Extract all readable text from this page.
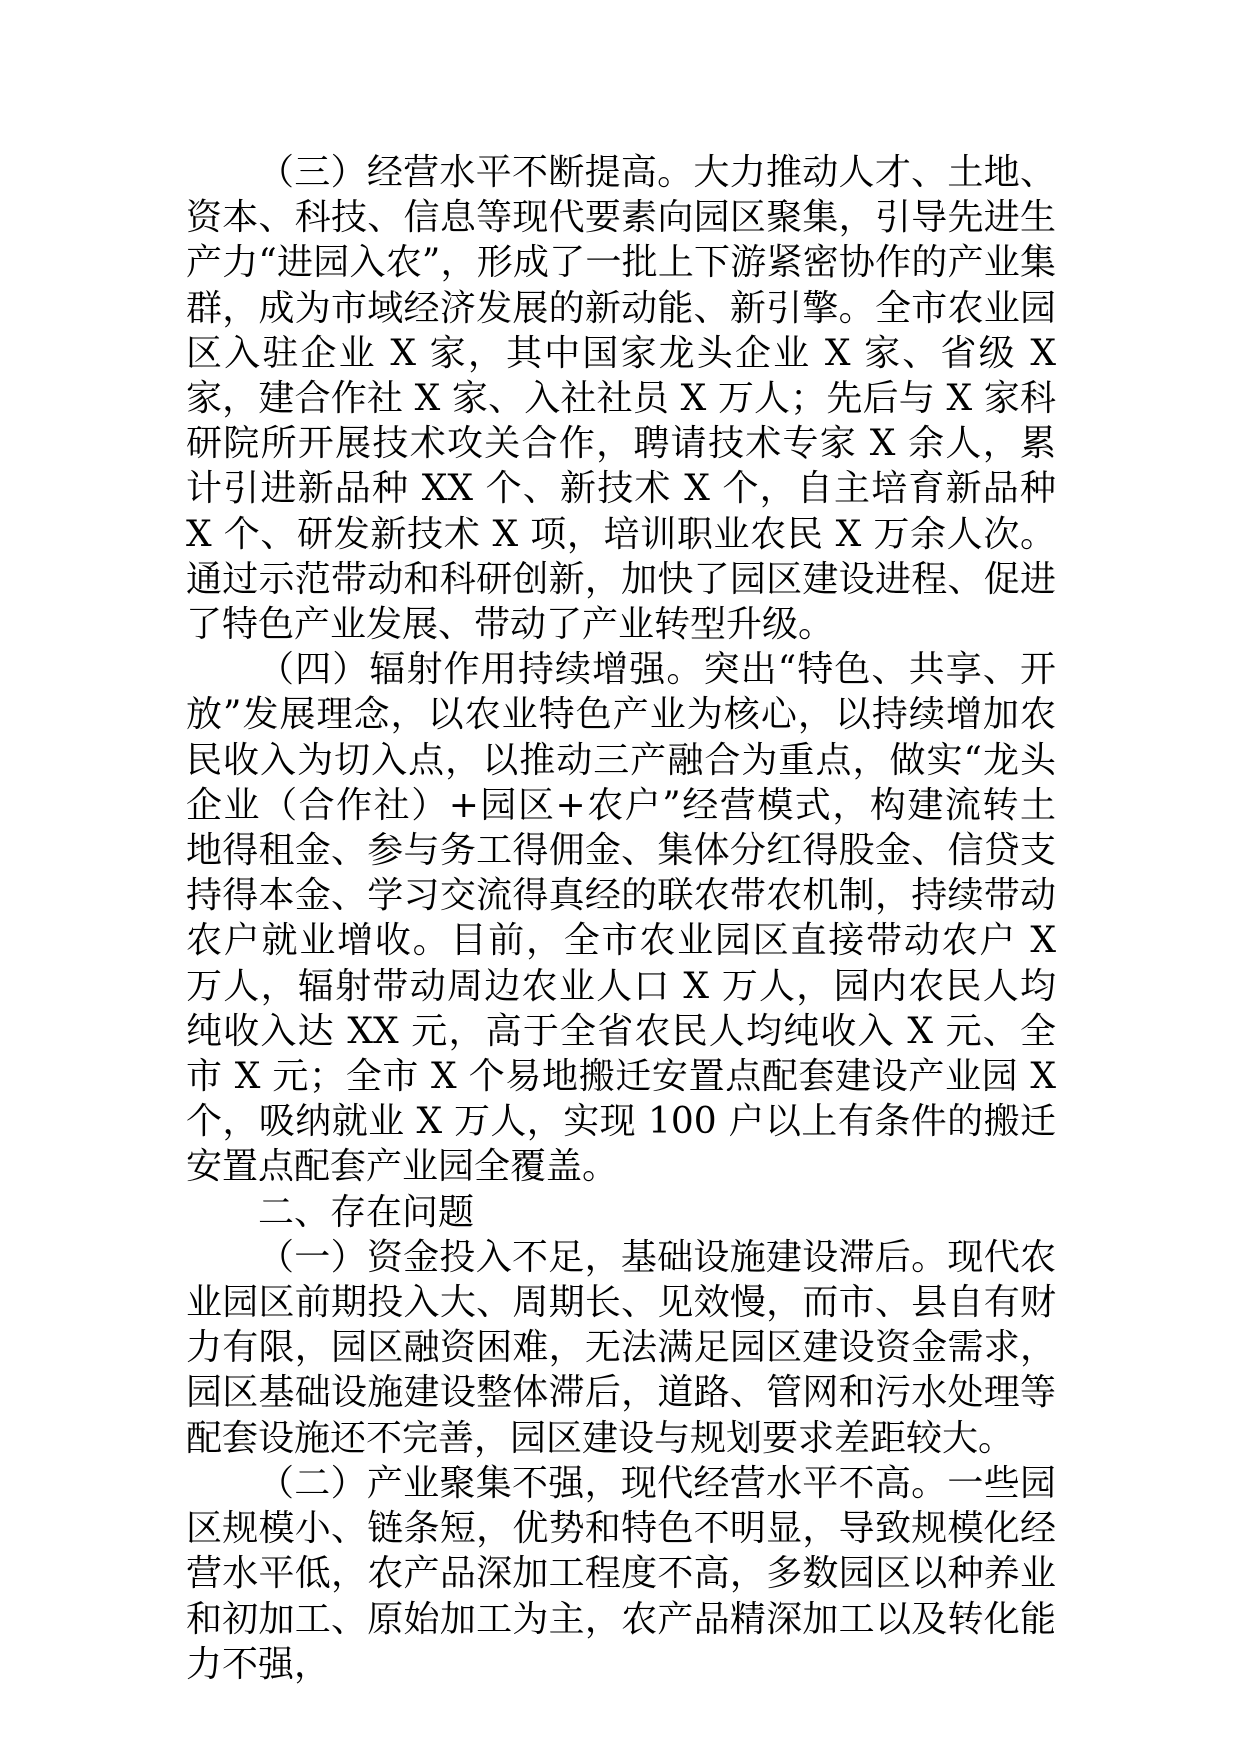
（三）经营水平不断提高。大力推动人才、土地、资本、科技、信息等现代要素向园区聚集，引导先进生产力“进园入农”，形成了一批上下游紧密协作的产业集群，成为市域经济发展的新动能、新引擎。全市农业园区入驻企业 X 家，其中国家龙头企业 X 家、省级 X 家，建合作社 X 家、入社社员 X 万人；先后与 X 家科研院所开展技术攻关合作，聘请技术专家 X 余人，累计引进新品种 XX 个、新技术 X 个，自主培育新品种 X 个、研发新技术 X 项，培训职业农民 X 万余人次。通过示范带动和科研创新，加快了园区建设进程、促进了特色产业发展、带动了产业转型升级。

（四）辐射作用持续增强。突出“特色、共享、开放”发展理念，以农业特色产业为核心，以持续增加农民收入为切入点，以推动三产融合为重点，做实“龙头企业（合作社）+园区+农户”经营模式，构建流转土地得租金、参与务工得佣金、集体分红得股金、信贷支持得本金、学习交流得真经的联农带农机制，持续带动农户就业增收。目前，全市农业园区直接带动农户 X 万人，辐射带动周边农业人口 X 万人，园内农民人均纯收入达 XX 元，高于全省农民人均纯收入 X 元、全市 X 元；全市 X 个易地搬迁安置点配套建设产业园 X 个，吸纳就业 X 万人，实现 100 户以上有条件的搬迁安置点配套产业园全覆盖。

二、存在问题

（一）资金投入不足，基础设施建设滞后。现代农业园区前期投入大、周期长、见效慢，而市、县自有财力有限，园区融资困难，无法满足园区建设资金需求，园区基础设施建设整体滞后，道路、管网和污水处理等配套设施还不完善，园区建设与规划要求差距较大。

（二）产业聚集不强，现代经营水平不高。一些园区规模小、链条短，优势和特色不明显，导致规模化经营水平低，农产品深加工程度不高，多数园区以种养业和初加工、原始加工为主，农产品精深加工以及转化能力不强，
